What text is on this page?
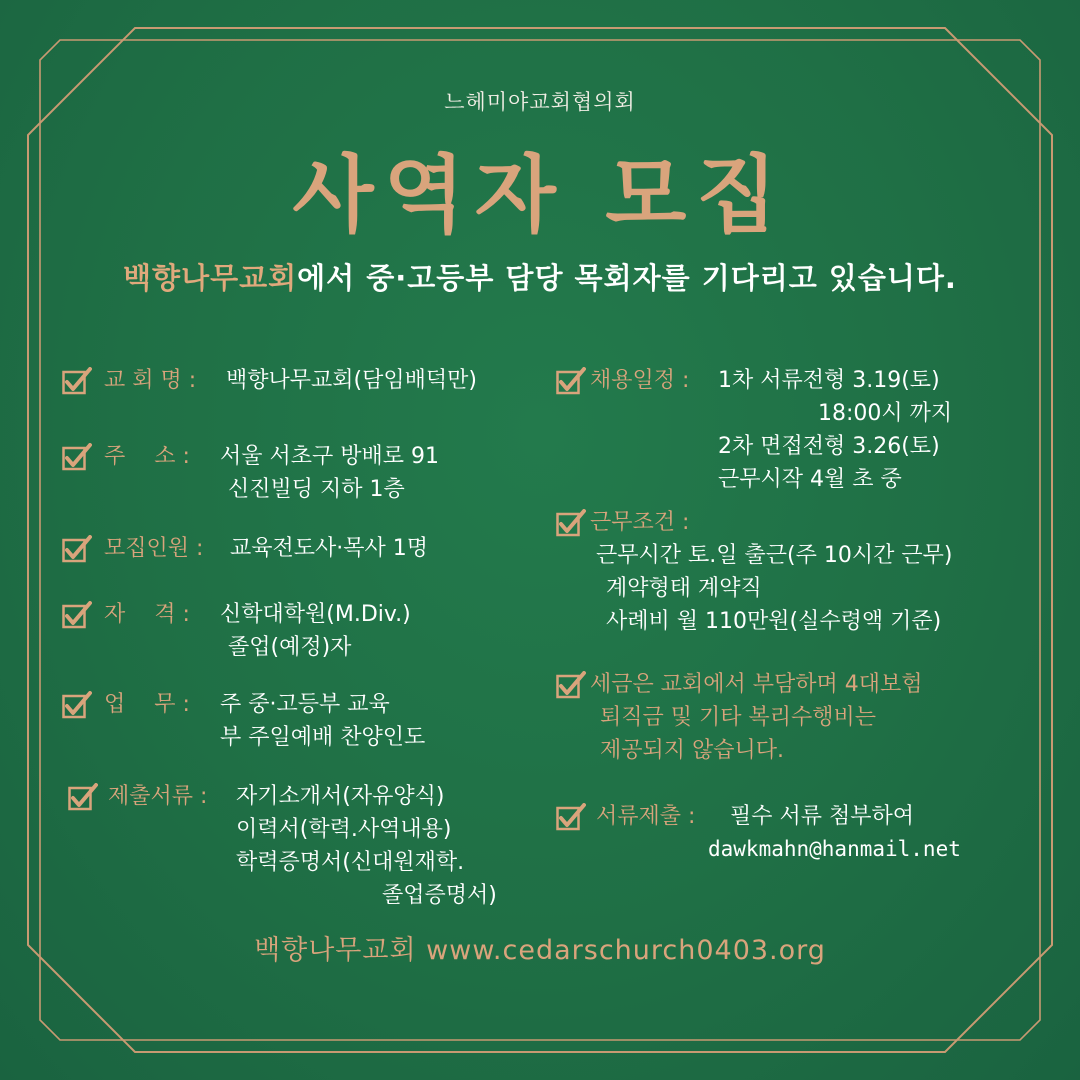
느헤미야교회협의회
사역자 모집
백향나무교회에서 중·고등부 담당 목회자를 기다리고 있습니다.
교 회 명 :	백향나무교회(담임배덕만)
주　 소 :	서울 서초구 방배로 91
신진빌딩 지하 1층
모집인원 :	교육전도사·목사 1명
자　 격 :	신학대학원(M.Div.)
졸업(예정)자
업　 무 :	주 중·고등부 교육
부 주일예배 찬양인도
제출서류 :	자기소개서(자유양식)
이력서(학력.사역내용)
학력증명서(신대원재학.
졸업증명서)
채용일정 :	1차 서류전형 3.19(토)
18:00시 까지
2차 면접전형 3.26(토)
근무시작 4월 초 중
근무조건 :
근무시간 토.일 출근(주 10시간 근무)
계약형태 계약직
사례비 월 110만원(실수령액 기준)
세금은 교회에서 부담하며 4대보험
퇴직금 및 기타 복리수행비는
제공되지 않습니다.
서류제출 :	필수 서류 첨부하여
dawkmahn@hanmail.net
백향나무교회 www.cedarschurch0403.org
